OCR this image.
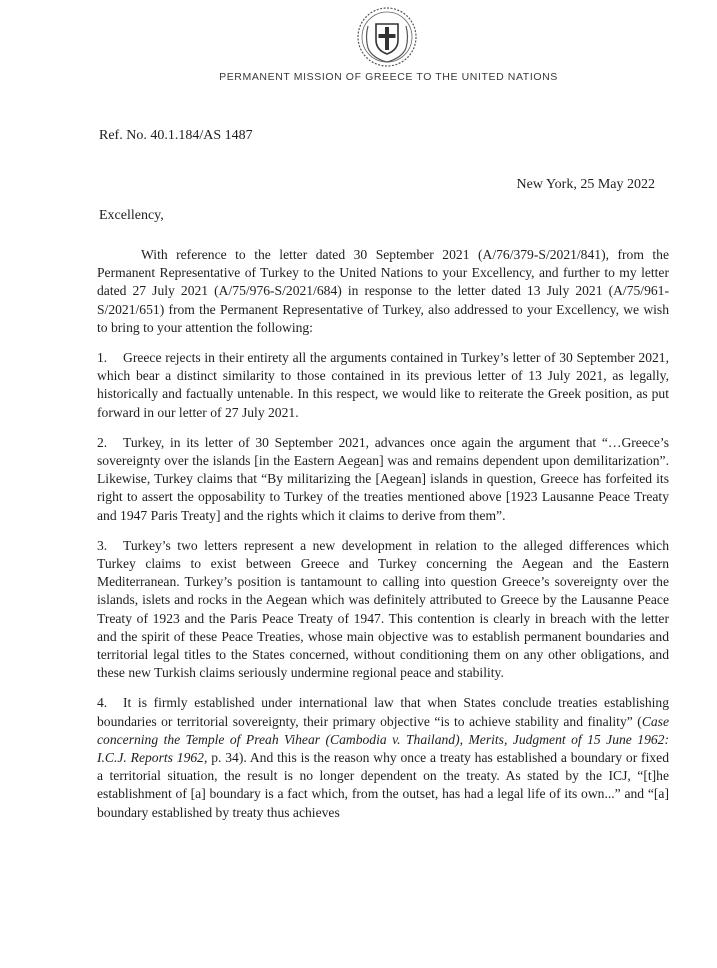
PERMANENT MISSION OF GREECE TO THE UNITED NATIONS
Ref. No. 40.1.184/AS 1487
New York, 25 May 2022
Excellency,

With reference to the letter dated 30 September 2021 (A/76/379-S/2021/841), from the Permanent Representative of Turkey to the United Nations to your Excellency, and further to my letter dated 27 July 2021 (A/75/976-S/2021/684) in response to the letter dated 13 July 2021 (A/75/961-S/2021/651) from the Permanent Representative of Turkey, also addressed to your Excellency, we wish to bring to your attention the following:

1. Greece rejects in their entirety all the arguments contained in Turkey’s letter of 30 September 2021, which bear a distinct similarity to those contained in its previous letter of 13 July 2021, as legally, historically and factually untenable. In this respect, we would like to reiterate the Greek position, as put forward in our letter of 27 July 2021.

2. Turkey, in its letter of 30 September 2021, advances once again the argument that “…Greece’s sovereignty over the islands [in the Eastern Aegean] was and remains dependent upon demilitarization”. Likewise, Turkey claims that “By militarizing the [Aegean] islands in question, Greece has forfeited its right to assert the opposability to Turkey of the treaties mentioned above [1923 Lausanne Peace Treaty and 1947 Paris Treaty] and the rights which it claims to derive from them”.

3. Turkey’s two letters represent a new development in relation to the alleged differences which Turkey claims to exist between Greece and Turkey concerning the Aegean and the Eastern Mediterranean. Turkey’s position is tantamount to calling into question Greece’s sovereignty over the islands, islets and rocks in the Aegean which was definitely attributed to Greece by the Lausanne Peace Treaty of 1923 and the Paris Peace Treaty of 1947. This contention is clearly in breach with the letter and the spirit of these Peace Treaties, whose main objective was to establish permanent boundaries and territorial legal titles to the States concerned, without conditioning them on any other obligations, and these new Turkish claims seriously undermine regional peace and stability.

4. It is firmly established under international law that when States conclude treaties establishing boundaries or territorial sovereignty, their primary objective “is to achieve stability and finality” (Case concerning the Temple of Preah Vihear (Cambodia v. Thailand), Merits, Judgment of 15 June 1962: I.C.J. Reports 1962, p. 34). And this is the reason why once a treaty has established a boundary or fixed a territorial situation, the result is no longer dependent on the treaty. As stated by the ICJ, “[t]he establishment of [a] boundary is a fact which, from the outset, has had a legal life of its own...” and “[a] boundary established by treaty thus achieves
